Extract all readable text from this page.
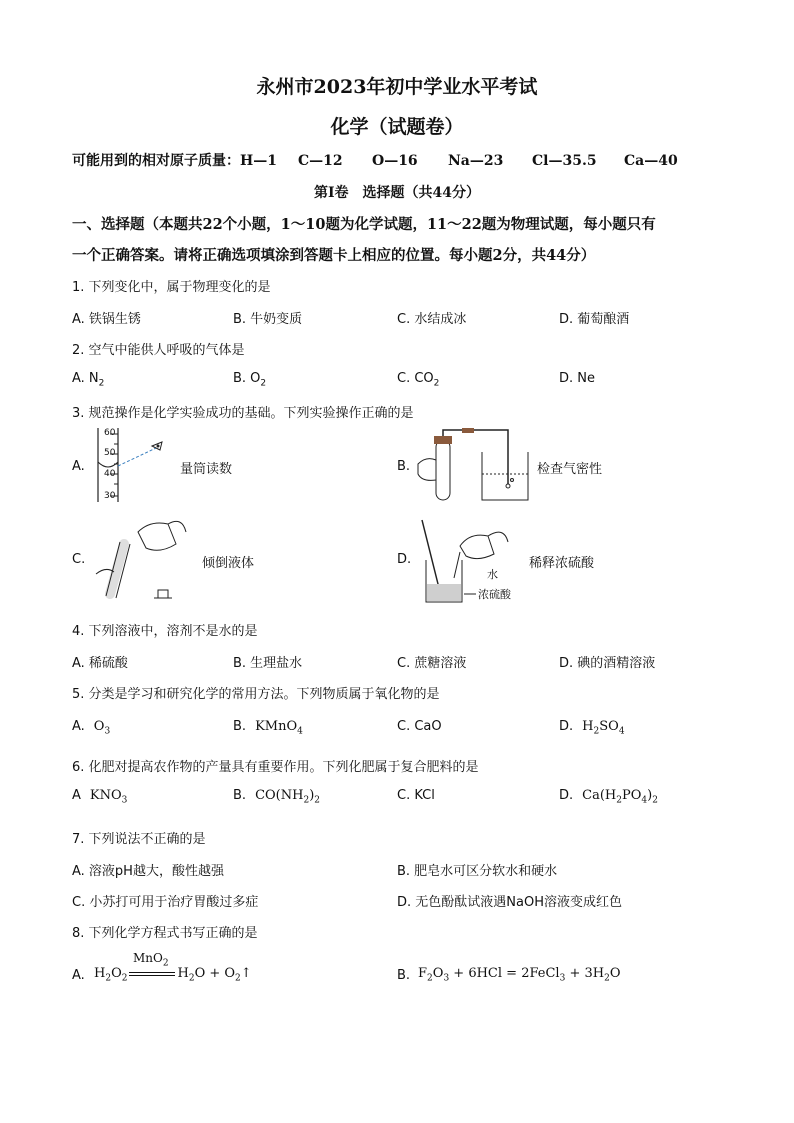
永州市2023年初中学业水平考试
化学（试题卷）
可能用到的相对原子质量：H—1 C—12 O—16 Na—23 Cl—35.5 Ca—40
第Ⅰ卷　选择题（共44分）
一、选择题（本题共22个小题，1～10题为化学试题，11～22题为物理试题，每小题只有
一个正确答案。请将正确选项填涂到答题卡上相应的位置。每小题2分，共44分）
1. 下列变化中，属于物理变化的是
A. 铁锅生锈	B. 牛奶变质	C. 水结成冰	D. 葡萄酿酒
2. 空气中能供人呼吸的气体是
A. $N_2$	B. $O_2$	C. $CO_2$	D. Ne
3. 规范操作是化学实验成功的基础。下列实验操作正确的是
A.
60
50
40
30
量筒读数	B.	检查气密性
C.	倾倒液体	D.
水
浓硫酸
稀释浓硫酸
4. 下列溶液中，溶剂不是水的是
A. 稀硫酸	B. 生理盐水	C. 蔗糖溶液	D. 碘的酒精溶液
5. 分类是学习和研究化学的常用方法。下列物质属于氧化物的是
A. $O_3$	B. KMnO$_4$	C. CaO	D. $H_2SO_4$
6. 化肥对提高农作物的产量具有重要作用。下列化肥属于复合肥料的是
A $KNO_3$	B. $CO(NH_2)_2$	C. KCl	D. $Ca(H_2PO_4)_2$
7. 下列说法不正确的是
A. 溶液pH越大，酸性越强	B. 肥皂水可区分软水和硬水
C. 小苏打可用于治疗胃酸过多症	D. 无色酚酞试液遇NaOH溶液变成红色
8. 下列化学方程式书写正确的是
A.
MnO$_2$
$H_2O_2$	$H_2O$ + $O_2↑$	B. $F_2O_3 + 6HCl$ = 2FeCl$_3$ + $3H_2O$
